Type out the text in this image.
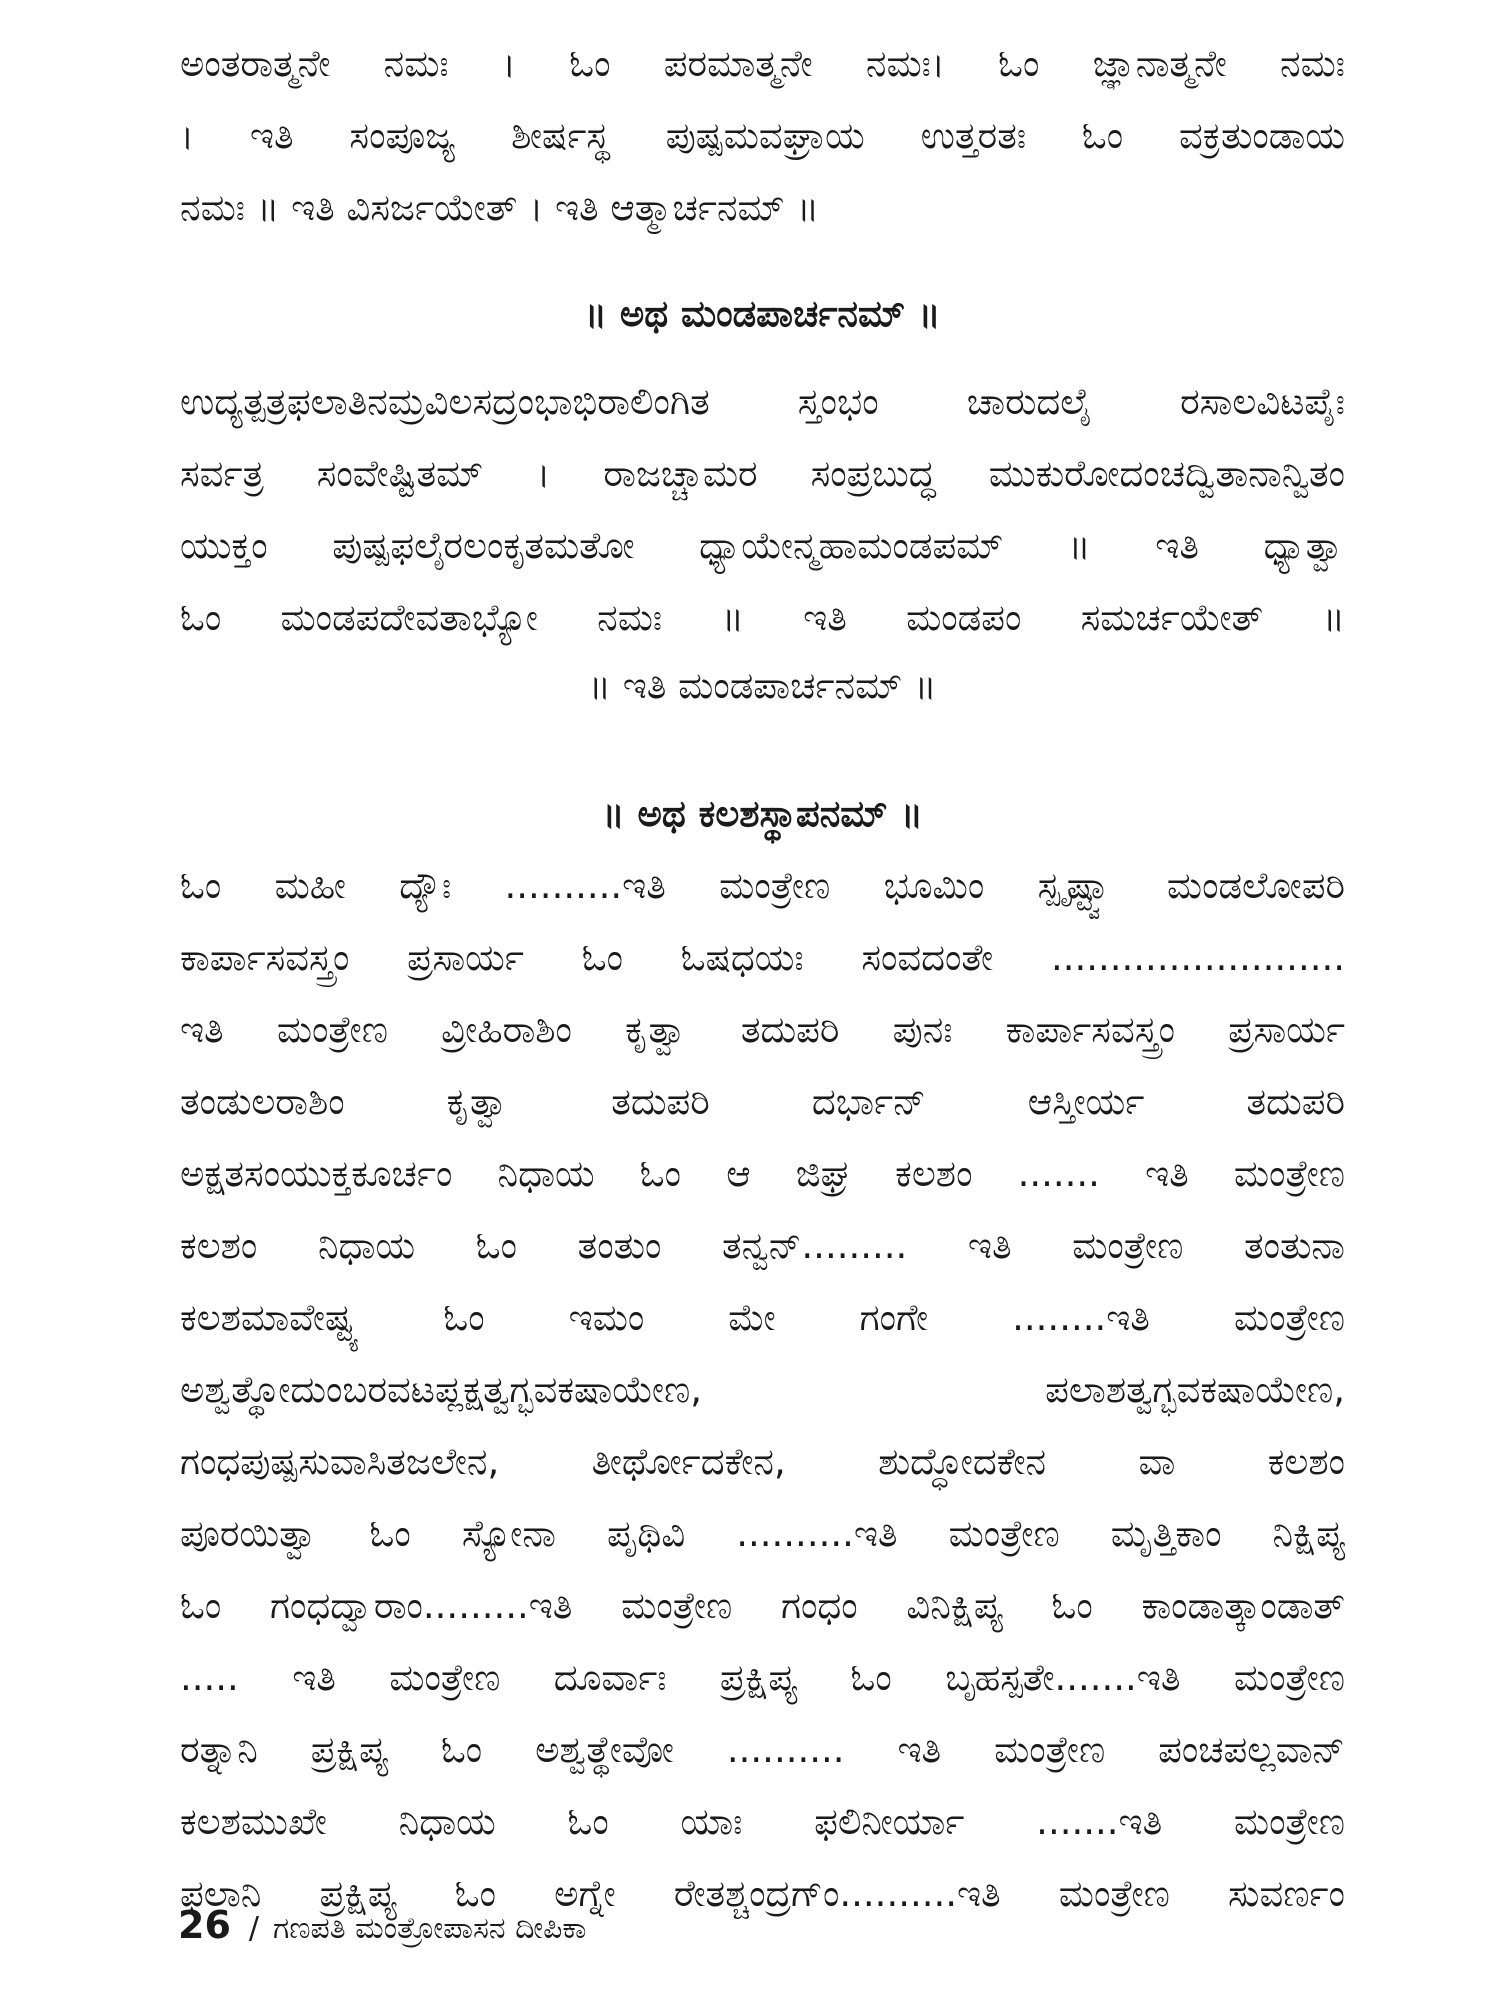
ಅಂತರಾತ್ಮನೇ ನಮಃ । ಓಂ ಪರಮಾತ್ಮನೇ ನಮಃ। ಓಂ ಜ್ಞಾನಾತ್ಮನೇ ನಮಃ
। ಇತಿ ಸಂಪೂಜ್ಯ ಶೀರ್ಷಸ್ಥ ಪುಷ್ಪಮವಘ್ರಾಯ ಉತ್ತರತಃ ಓಂ ವಕ್ರತುಂಡಾಯ
ನಮಃ ॥ ಇತಿ ವಿಸರ್ಜಯೇತ್ । ಇತಿ ಆತ್ಮಾರ್ಚನಮ್ ॥
॥ ಅಥ ಮಂಡಪಾರ್ಚನಮ್ ॥
ಉದ್ಯತ್ಪತ್ರಫಲಾತಿನಮ್ರವಿಲಸದ್ರಂಭಾಭಿರಾಲಿಂಗಿತ ಸ್ತಂಭಂ ಚಾರುದಲೈ ರಸಾಲವಿಟಪೈಃ
ಸರ್ವತ್ರ ಸಂವೇಷ್ಟಿತಮ್ । ರಾಜಚ್ಚಾಮರ ಸಂಪ್ರಬುದ್ಧ ಮುಕುರೋದಂಚದ್ವಿತಾನಾನ್ವಿತಂ
ಯುಕ್ತಂ ಪುಷ್ಪಫಲೈರಲಂಕೃತಮತೋ ಧ್ಯಾಯೇನ್ಮಹಾಮಂಡಪಮ್ ॥ ಇತಿ ಧ್ಯಾತ್ವಾ
ಓಂ ಮಂಡಪದೇವತಾಭ್ಯೋ ನಮಃ ॥ ಇತಿ ಮಂಡಪಂ ಸಮರ್ಚಯೇತ್ ॥
॥ ಇತಿ ಮಂಡಪಾರ್ಚನಮ್ ॥
॥ ಅಥ ಕಲಶಸ್ಥಾಪನಮ್ ॥
ಓಂ ಮಹೀ ದ್ಯೌಃ ..........ಇತಿ ಮಂತ್ರೇಣ ಭೂಮಿಂ ಸ್ಪೃಷ್ಟ್ವಾ ಮಂಡಲೋಪರಿ
ಕಾರ್ಪಾಸವಸ್ತ್ರಂ ಪ್ರಸಾರ್ಯ ಓಂ ಓಷಧಯಃ ಸಂವದಂತೇ .........................
ಇತಿ ಮಂತ್ರೇಣ ವ್ರೀಹಿರಾಶಿಂ ಕೃತ್ವಾ ತದುಪರಿ ಪುನಃ ಕಾರ್ಪಾಸವಸ್ತ್ರಂ ಪ್ರಸಾರ್ಯ
ತಂಡುಲರಾಶಿಂ ಕೃತ್ವಾ ತದುಪರಿ ದರ್ಭಾನ್ ಆಸ್ತೀರ್ಯ ತದುಪರಿ
ಅಕ್ಷತಸಂಯುಕ್ತಕೂರ್ಚಂ ನಿಧಾಯ ಓಂ ಆ ಜಿಘ್ರ ಕಲಶಂ ....... ಇತಿ ಮಂತ್ರೇಣ
ಕಲಶಂ ನಿಧಾಯ ಓಂ ತಂತುಂ ತನ್ವನ್......... ಇತಿ ಮಂತ್ರೇಣ ತಂತುನಾ
ಕಲಶಮಾವೇಷ್ಟ್ಯ ಓಂ ಇಮಂ ಮೇ ಗಂಗೇ ........ಇತಿ ಮಂತ್ರೇಣ
ಅಶ್ವತ್ಥೋದುಂಬರವಟಪ್ಲಕ್ಷತ್ವಗ್ಭವಕಷಾಯೇಣ, ಪಲಾಶತ್ವಗ್ಭವಕಷಾಯೇಣ,
ಗಂಧಪುಷ್ಪಸುವಾಸಿತಜಲೇನ, ತೀರ್ಥೋದಕೇನ, ಶುದ್ಧೋದಕೇನ ವಾ ಕಲಶಂ
ಪೂರಯಿತ್ವಾ ಓಂ ಸ್ಯೋನಾ ಪೃಥಿವಿ ..........ಇತಿ ಮಂತ್ರೇಣ ಮೃತ್ತಿಕಾಂ ನಿಕ್ಷಿಪ್ಯ
ಓಂ ಗಂಧದ್ವಾರಾಂ.........ಇತಿ ಮಂತ್ರೇಣ ಗಂಧಂ ವಿನಿಕ್ಷಿಪ್ಯ ಓಂ ಕಾಂಡಾತ್ಕಾಂಡಾತ್
..... ಇತಿ ಮಂತ್ರೇಣ ದೂರ್ವಾಃ ಪ್ರಕ್ಷಿಪ್ಯ ಓಂ ಬೃಹಸ್ಪತೇ.......ಇತಿ ಮಂತ್ರೇಣ
ರತ್ನಾನಿ ಪ್ರಕ್ಷಿಪ್ಯ ಓಂ ಅಶ್ವತ್ಥೇವೋ .......... ಇತಿ ಮಂತ್ರೇಣ ಪಂಚಪಲ್ಲವಾನ್
ಕಲಶಮುಖೇ ನಿಧಾಯ ಓಂ ಯಾಃ ಫಲಿನೀರ್ಯಾ .......ಇತಿ ಮಂತ್ರೇಣ
ಫಲಾನಿ ಪ್ರಕ್ಷಿಪ್ಯ ಓಂ ಅಗ್ನೇ ರೇತಶ್ಚಂದ್ರಗ್ಂ..........ಇತಿ ಮಂತ್ರೇಣ ಸುವರ್ಣಂ
26 / ಗಣಪತಿ ಮಂತ್ರೋಪಾಸನ ದೀಪಿಕಾ
